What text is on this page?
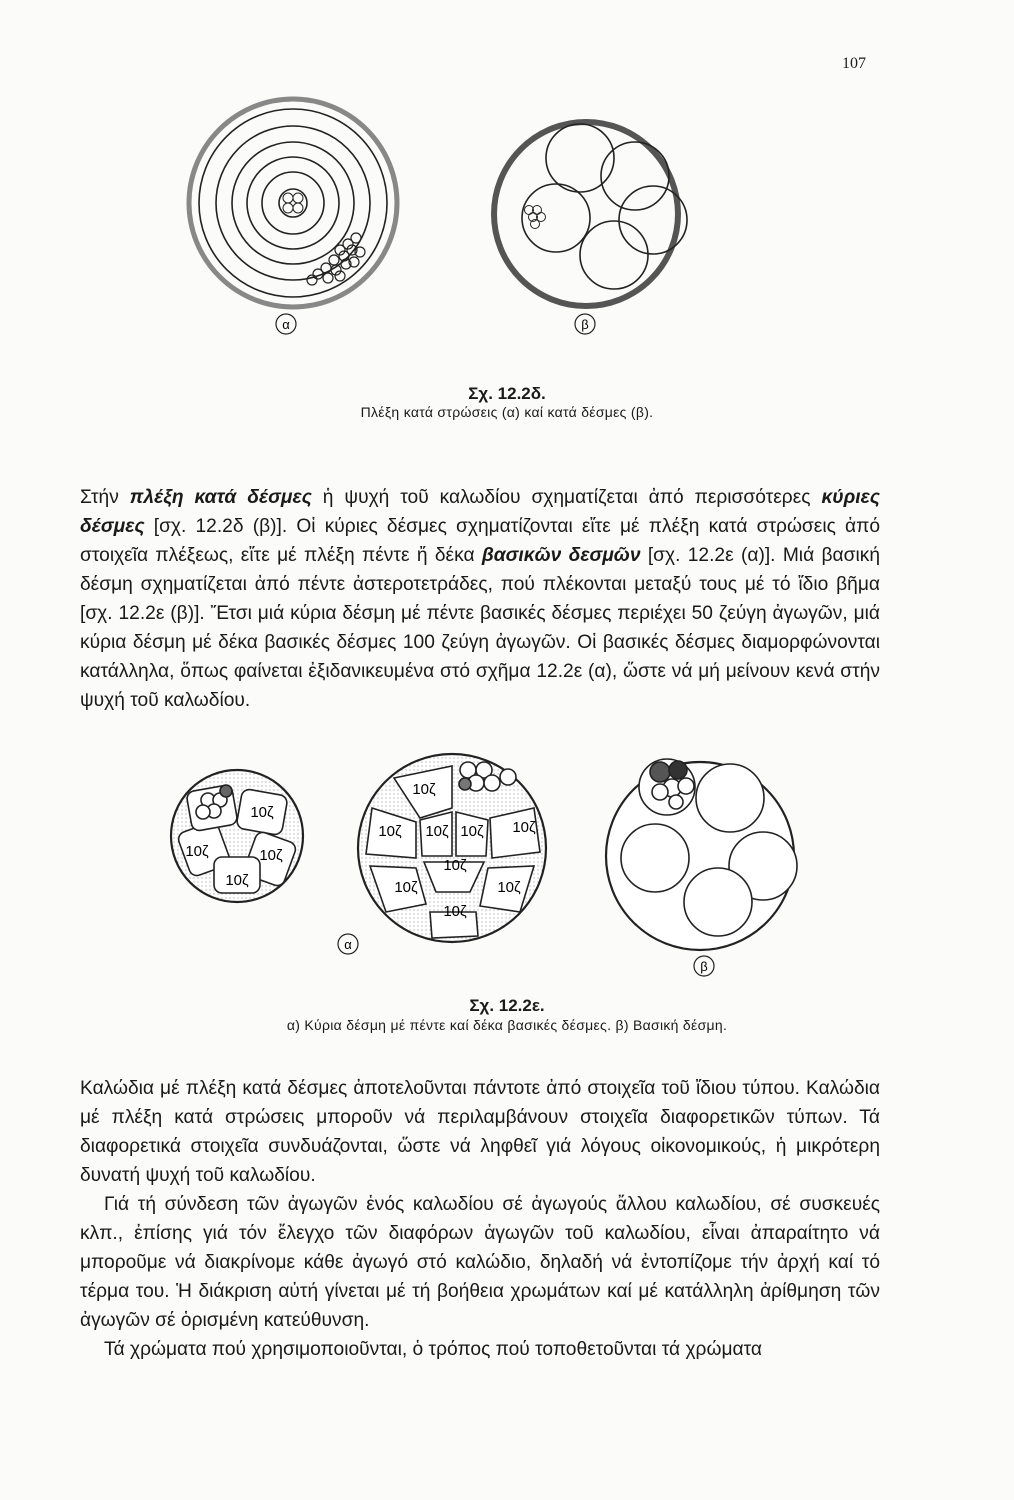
107
α	β
Σχ. 12.2δ.
Πλέξη κατά στρώσεις (α) καί κατά δέσμες (β).

Στήν πλέξη κατά δέσμες ἡ ψυχή τοῦ καλωδίου σχηματίζεται ἀπό περισσότερες κύριες δέσμες [σχ. 12.2δ (β)]. Οἱ κύριες δέσμες σχηματίζονται εἴτε μέ πλέξη κατά στρώσεις ἀπό στοιχεῖα πλέξεως, εἴτε μέ πλέξη πέντε ἤ δέκα βασικῶν δεσμῶν [σχ. 12.2ε (α)]. Μιά βασική δέσμη σχηματίζεται ἀπό πέντε ἀστεροτετράδες, πού πλέκονται μεταξύ τους μέ τό ἴδιο βῆμα [σχ. 12.2ε (β)]. Ἔτσι μιά κύρια δέσμη μέ πέντε βασικές δέσμες περιέχει 50 ζεύγη ἀγωγῶν, μιά κύρια δέσμη μέ δέκα βασικές δέσμες 100 ζεύγη ἀγωγῶν. Οἱ βασικές δέσμες διαμορφώνονται κατάλληλα, ὅπως φαίνεται ἐξιδανικευμένα στό σχῆμα 12.2ε (α), ὥστε νά μή μείνουν κενά στήν ψυχή τοῦ καλωδίου.

10ζ
10ζ	10ζ
10ζ
10ζ
10ζ 10ζ 10ζ 10ζ
10ζ
10ζ	10ζ
10ζ
α
β
Σχ. 12.2ε.
α) Κύρια δέσμη μέ πέντε καί δέκα βασικές δέσμες. β) Βασική δέσμη.

Καλώδια μέ πλέξη κατά δέσμες ἀποτελοῦνται πάντοτε ἀπό στοιχεῖα τοῦ ἴδιου τύπου. Καλώδια μέ πλέξη κατά στρώσεις μποροῦν νά περιλαμβάνουν στοιχεῖα διαφορετικῶν τύπων. Τά διαφορετικά στοιχεῖα συνδυάζονται, ὥστε νά ληφθεῖ γιά λόγους οἰκονομικούς, ἡ μικρότερη δυνατή ψυχή τοῦ καλωδίου.

Γιά τή σύνδεση τῶν ἀγωγῶν ἑνός καλωδίου σέ ἀγωγούς ἄλλου καλωδίου, σέ συσκευές κλπ., ἐπίσης γιά τόν ἔλεγχο τῶν διαφόρων ἀγωγῶν τοῦ καλωδίου, εἶναι ἀπαραίτητο νά μποροῦμε νά διακρίνομε κάθε ἀγωγό στό καλώδιο, δηλαδή νά ἐντοπίζομε τήν ἀρχή καί τό τέρμα του. Ἡ διάκριση αὐτή γίνεται μέ τή βοήθεια χρωμάτων καί μέ κατάλληλη ἀρίθμηση τῶν ἀγωγῶν σέ ὁρισμένη κατεύθυνση.

Τά χρώματα πού χρησιμοποιοῦνται, ὁ τρόπος πού τοποθετοῦνται τά χρώματα
